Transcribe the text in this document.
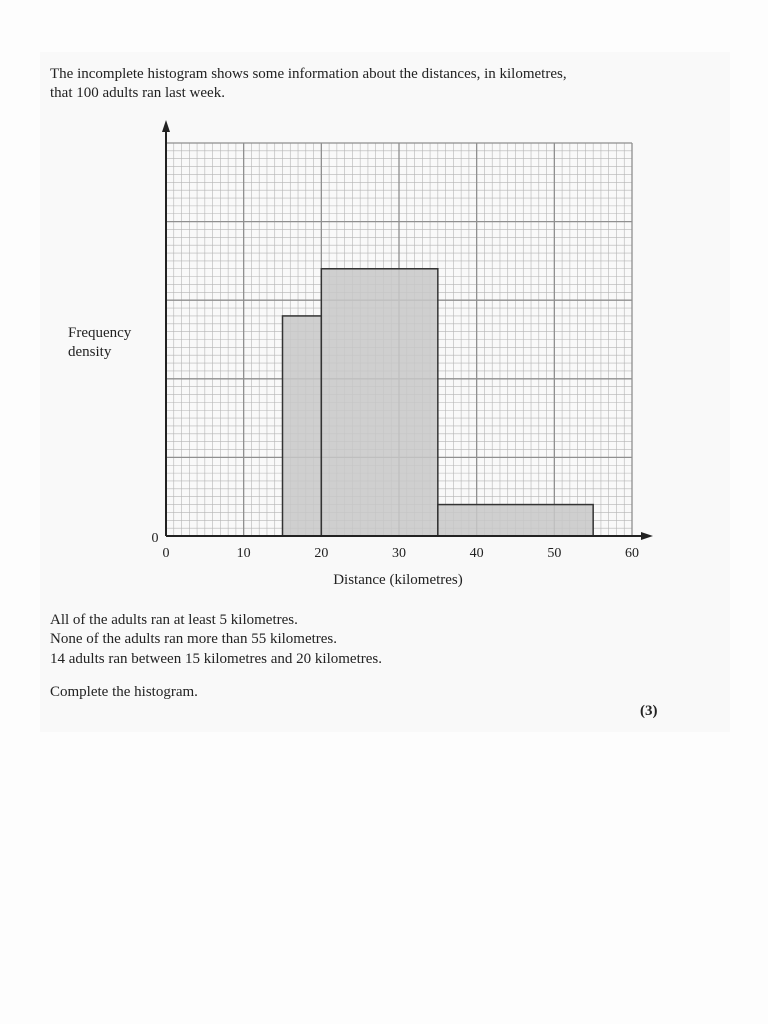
The incomplete histogram shows some information about the distances, in kilometres,
that 100 adults ran last week.
0	10	20	30	40	50	60
0
Frequency
density
Distance (kilometres)
All of the adults ran at least 5 kilometres.
None of the adults ran more than 55 kilometres.
14 adults ran between 15 kilometres and 20 kilometres.
Complete the histogram.
(3)
